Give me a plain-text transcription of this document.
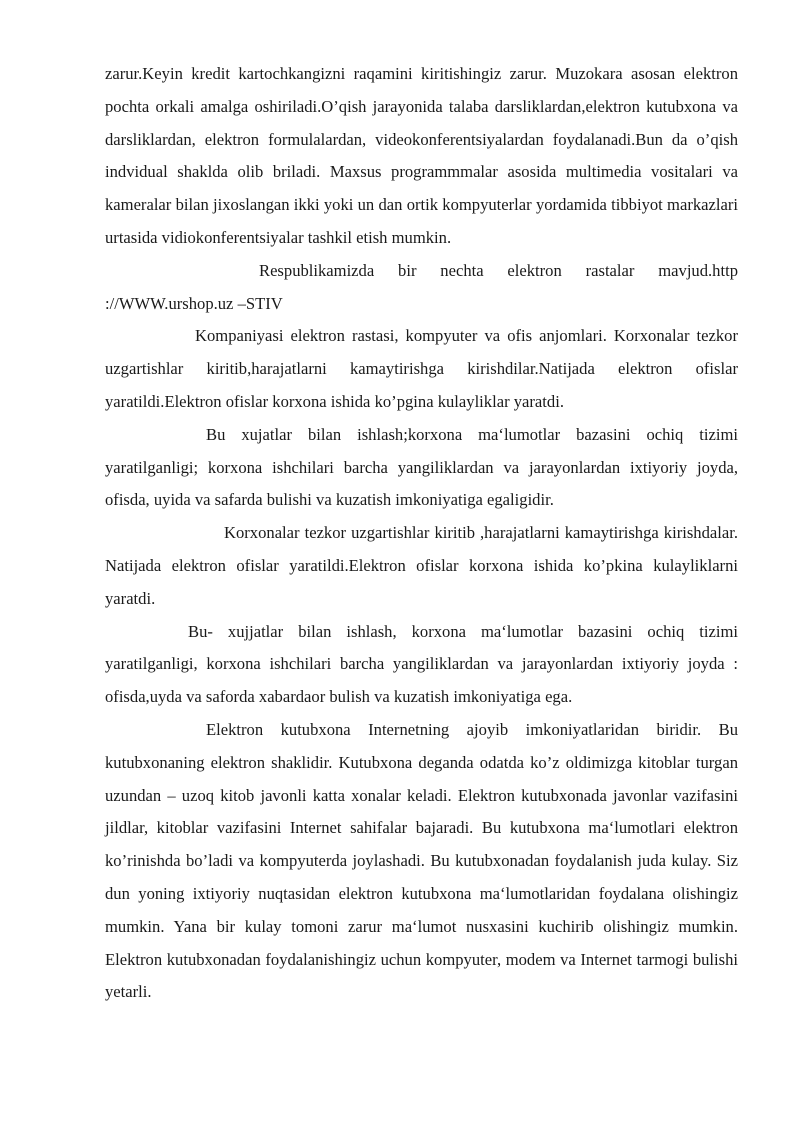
zarur.Keyin kredit kartochkangizni raqamini kiritishingiz zarur. Muzokara asosan elektron pochta orkali amalga oshiriladi.O’qish jarayonida talaba darsliklardan,elektron kutubxona va darsliklardan, elektron formulalardan, videokonferentsiyalardan foydalanadi.Bun da o’qish indvidual shaklda olib briladi. Maxsus programmmalar asosida multimedia vositalari va kameralar bilan jixoslangan ikki yoki un dan ortik kompyuterlar yordamida tibbiyot markazlari urtasida vidiokonferentsiyalar tashkil etish mumkin.

Respublikamizda bir nechta elektron rastalar mavjud.http ://WWW.urshop.uz –STIV

Kompaniyasi elektron rastasi, kompyuter va ofis anjomlari. Korxonalar tezkor uzgartishlar kiritib,harajatlarni kamaytirishga kirishdilar.Natijada elektron ofislar yaratildi.Elektron ofislar korxona ishida ko’pgina kulayliklar yaratdi.

Bu xujatlar bilan ishlash;korxona ma‘lumotlar bazasini ochiq tizimi yaratilganligi; korxona ishchilari barcha yangiliklardan va jarayonlardan ixtiyoriy joyda, ofisda, uyida va safarda bulishi va kuzatish imkoniyatiga egaligidir.

Korxonalar tezkor uzgartishlar kiritib ,harajatlarni kamaytirishga kirishdalar. Natijada elektron ofislar yaratildi.Elektron ofislar korxona ishida ko’pkina kulayliklarni yaratdi.

Bu- xujjatlar bilan ishlash, korxona ma‘lumotlar bazasini ochiq tizimi yaratilganligi, korxona ishchilari barcha yangiliklardan va jarayonlardan ixtiyoriy joyda : ofisda,uyda va saforda xabardaor bulish va kuzatish imkoniyatiga ega.

Elektron kutubxona Internetning ajoyib imkoniyatlaridan biridir. Bu kutubxonaning elektron shaklidir. Kutubxona deganda odatda ko’z oldimizga kitoblar turgan uzundan – uzoq kitob javonli katta xonalar keladi. Elektron kutubxonada javonlar vazifasini jildlar, kitoblar vazifasini Internet sahifalar bajaradi. Bu kutubxona ma‘lumotlari elektron ko’rinishda bo’ladi va kompyuterda joylashadi. Bu kutubxonadan foydalanish juda kulay. Siz dun yoning ixtiyoriy nuqtasidan elektron kutubxona ma‘lumotlaridan foydalana olishingiz mumkin. Yana bir kulay tomoni zarur ma‘lumot nusxasini kuchirib olishingiz mumkin. Elektron kutubxonadan foydalanishingiz uchun kompyuter, modem va Internet tarmogi bulishi yetarli.
